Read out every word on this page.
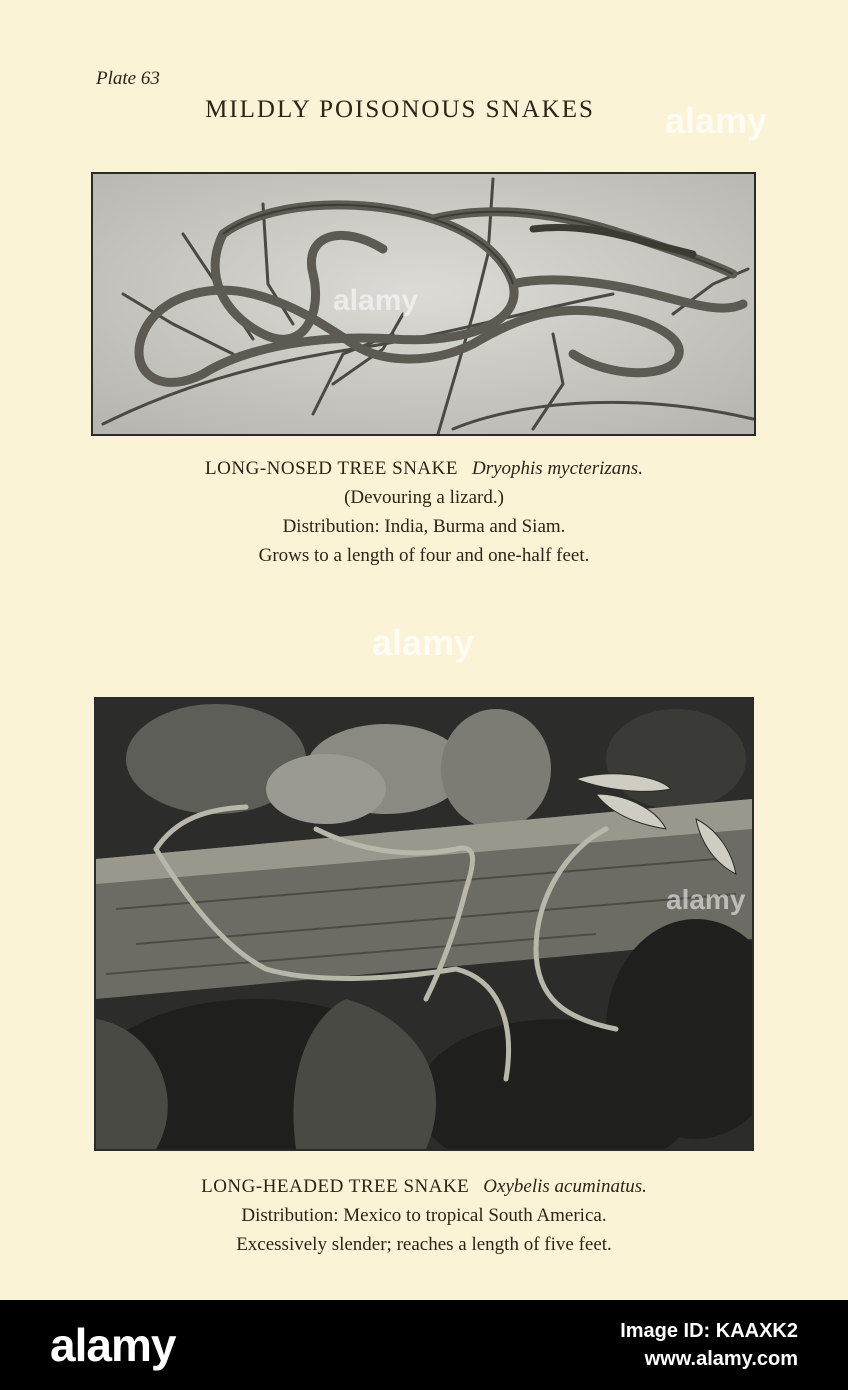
Plate 63
MILDLY POISONOUS SNAKES
alamy
LONG-NOSED TREE SNAKE Dryophis mycterizans.
(Devouring a lizard.)
Distribution: India, Burma and Siam.
Grows to a length of four and one-half feet.
alamy
LONG-HEADED TREE SNAKE Oxybelis acuminatus.
Distribution: Mexico to tropical South America.
Excessively slender; reaches a length of five feet.
alamy
alamy
alamy	Image ID: KAAXK2
www.alamy.com
